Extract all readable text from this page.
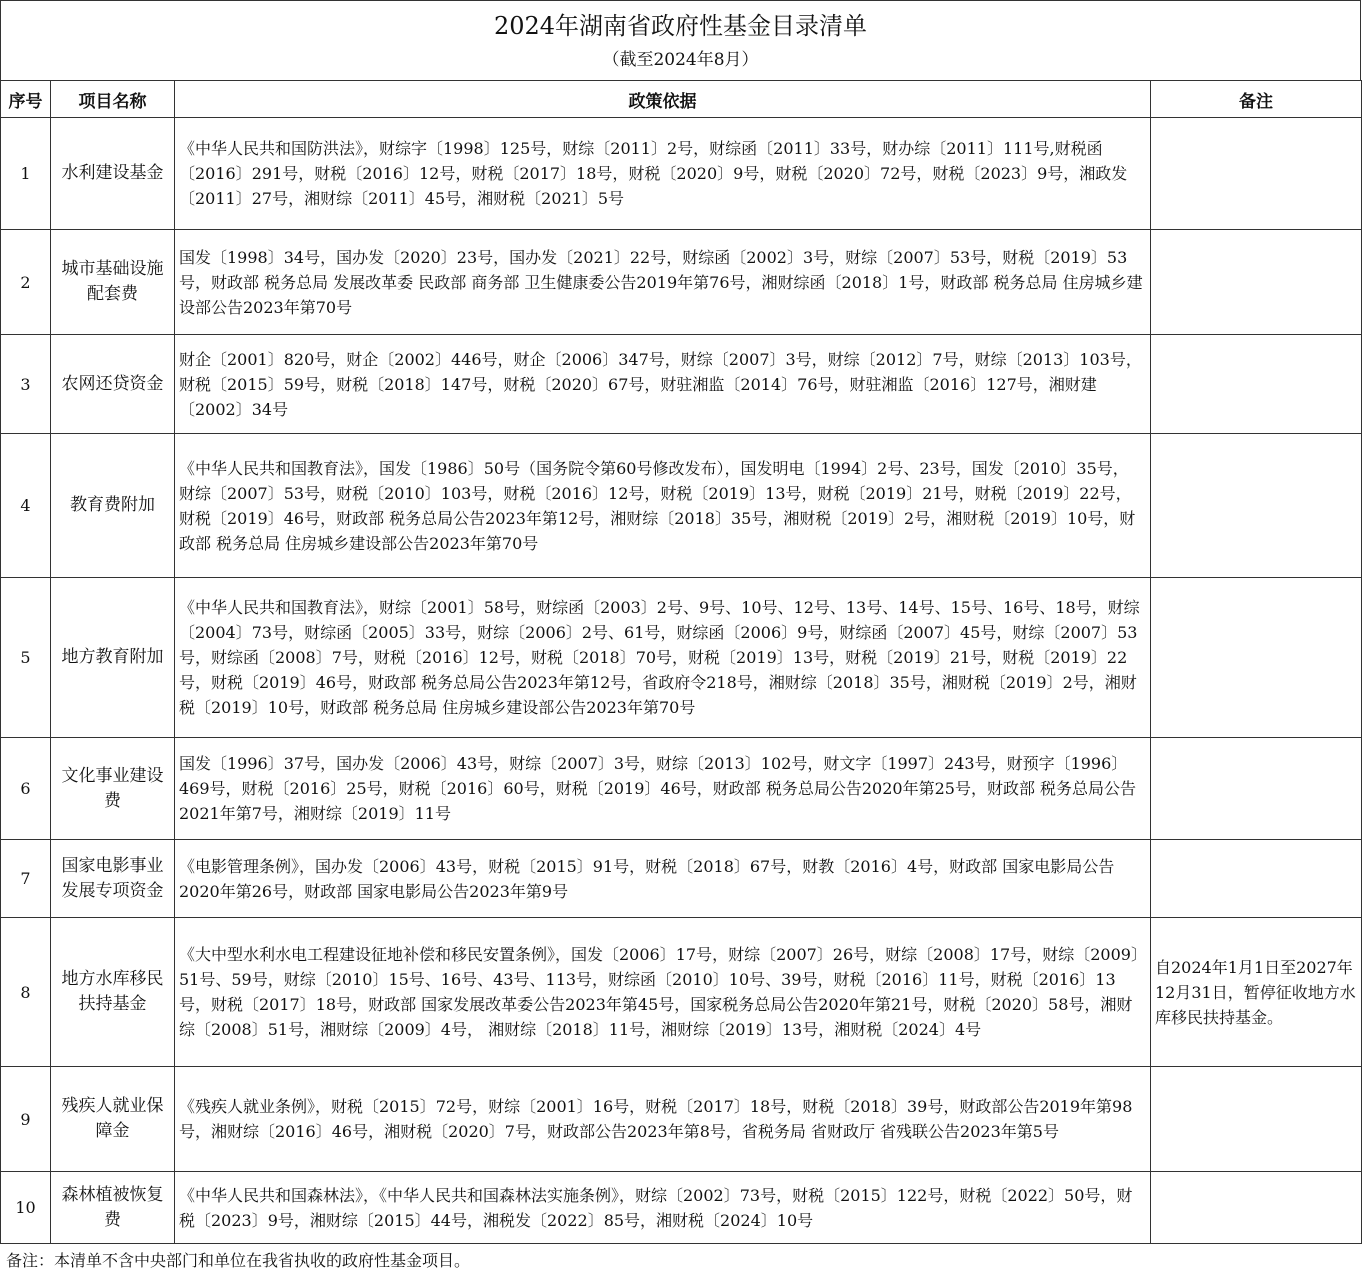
2024年湖南省政府性基金目录清单
（截至2024年8月）
序号	项目名称	政策依据	备注
1	水利建设基金	《中华人民共和国防洪法》，财综字〔1998〕125号，财综〔2011〕2号，财综函〔2011〕33号，财办综〔2011〕111号,财税函〔2016〕291号，财税〔2016〕12号，财税〔2017〕18号，财税〔2020〕9号，财税〔2020〕72号，财税〔2023〕9号，湘政发〔2011〕27号，湘财综〔2011〕45号，湘财税〔2021〕5号	
2	城市基础设施配套费	国发〔1998〕34号，国办发〔2020〕23号，国办发〔2021〕22号，财综函〔2002〕3号，财综〔2007〕53号，财税〔2019〕53号，财政部 税务总局 发展改革委 民政部 商务部 卫生健康委公告2019年第76号，湘财综函〔2018〕1号，财政部 税务总局 住房城乡建设部公告2023年第70号	
3	农网还贷资金	财企〔2001〕820号，财企〔2002〕446号，财企〔2006〕347号，财综〔2007〕3号，财综〔2012〕7号，财综〔2013〕103号，财税〔2015〕59号，财税〔2018〕147号，财税〔2020〕67号，财驻湘监〔2014〕76号，财驻湘监〔2016〕127号，湘财建〔2002〕34号	
4	教育费附加	《中华人民共和国教育法》，国发〔1986〕50号（国务院令第60号修改发布），国发明电〔1994〕2号、23号，国发〔2010〕35号，财综〔2007〕53号，财税〔2010〕103号，财税〔2016〕12号，财税〔2019〕13号，财税〔2019〕21号，财税〔2019〕22号，财税〔2019〕46号，财政部 税务总局公告2023年第12号，湘财综〔2018〕35号，湘财税〔2019〕2号，湘财税〔2019〕10号，财政部 税务总局 住房城乡建设部公告2023年第70号	
5	地方教育附加	《中华人民共和国教育法》，财综〔2001〕58号，财综函〔2003〕2号、9号、10号、12号、13号、14号、15号、16号、18号，财综〔2004〕73号，财综函〔2005〕33号，财综〔2006〕2号、61号，财综函〔2006〕9号，财综函〔2007〕45号，财综〔2007〕53号，财综函〔2008〕7号，财税〔2016〕12号，财税〔2018〕70号，财税〔2019〕13号，财税〔2019〕21号，财税〔2019〕22号，财税〔2019〕46号，财政部 税务总局公告2023年第12号，省政府令218号，湘财综〔2018〕35号，湘财税〔2019〕2号，湘财税〔2019〕10号，财政部 税务总局 住房城乡建设部公告2023年第70号	
6	文化事业建设费	国发〔1996〕37号，国办发〔2006〕43号，财综〔2007〕3号，财综〔2013〕102号，财文字〔1997〕243号，财预字〔1996〕469号，财税〔2016〕25号，财税〔2016〕60号，财税〔2019〕46号，财政部 税务总局公告2020年第25号，财政部 税务总局公告2021年第7号，湘财综〔2019〕11号	
7	国家电影事业发展专项资金	《电影管理条例》，国办发〔2006〕43号，财税〔2015〕91号，财税〔2018〕67号，财教〔2016〕4号，财政部 国家电影局公告2020年第26号，财政部 国家电影局公告2023年第9号	
8	地方水库移民扶持基金	《大中型水利水电工程建设征地补偿和移民安置条例》，国发〔2006〕17号，财综〔2007〕26号，财综〔2008〕17号，财综〔2009〕51号、59号，财综〔2010〕15号、16号、43号、113号，财综函〔2010〕10号、39号，财税〔2016〕11号，财税〔2016〕13号，财税〔2017〕18号，财政部 国家发展改革委公告2023年第45号，国家税务总局公告2020年第21号，财税〔2020〕58号，湘财综〔2008〕51号，湘财综〔2009〕4号， 湘财综〔2018〕11号，湘财综〔2019〕13号，湘财税〔2024〕4号	自2024年1月1日至2027年12月31日，暂停征收地方水库移民扶持基金。
9	残疾人就业保障金	《残疾人就业条例》，财税〔2015〕72号，财综〔2001〕16号，财税〔2017〕18号，财税〔2018〕39号，财政部公告2019年第98号，湘财综〔2016〕46号，湘财税〔2020〕7号，财政部公告2023年第8号，省税务局 省财政厅 省残联公告2023年第5号	
10	森林植被恢复费	《中华人民共和国森林法》，《中华人民共和国森林法实施条例》，财综〔2002〕73号，财税〔2015〕122号，财税〔2022〕50号，财税〔2023〕9号，湘财综〔2015〕44号，湘税发〔2022〕85号，湘财税〔2024〕10号	
备注：本清单不含中央部门和单位在我省执收的政府性基金项目。
